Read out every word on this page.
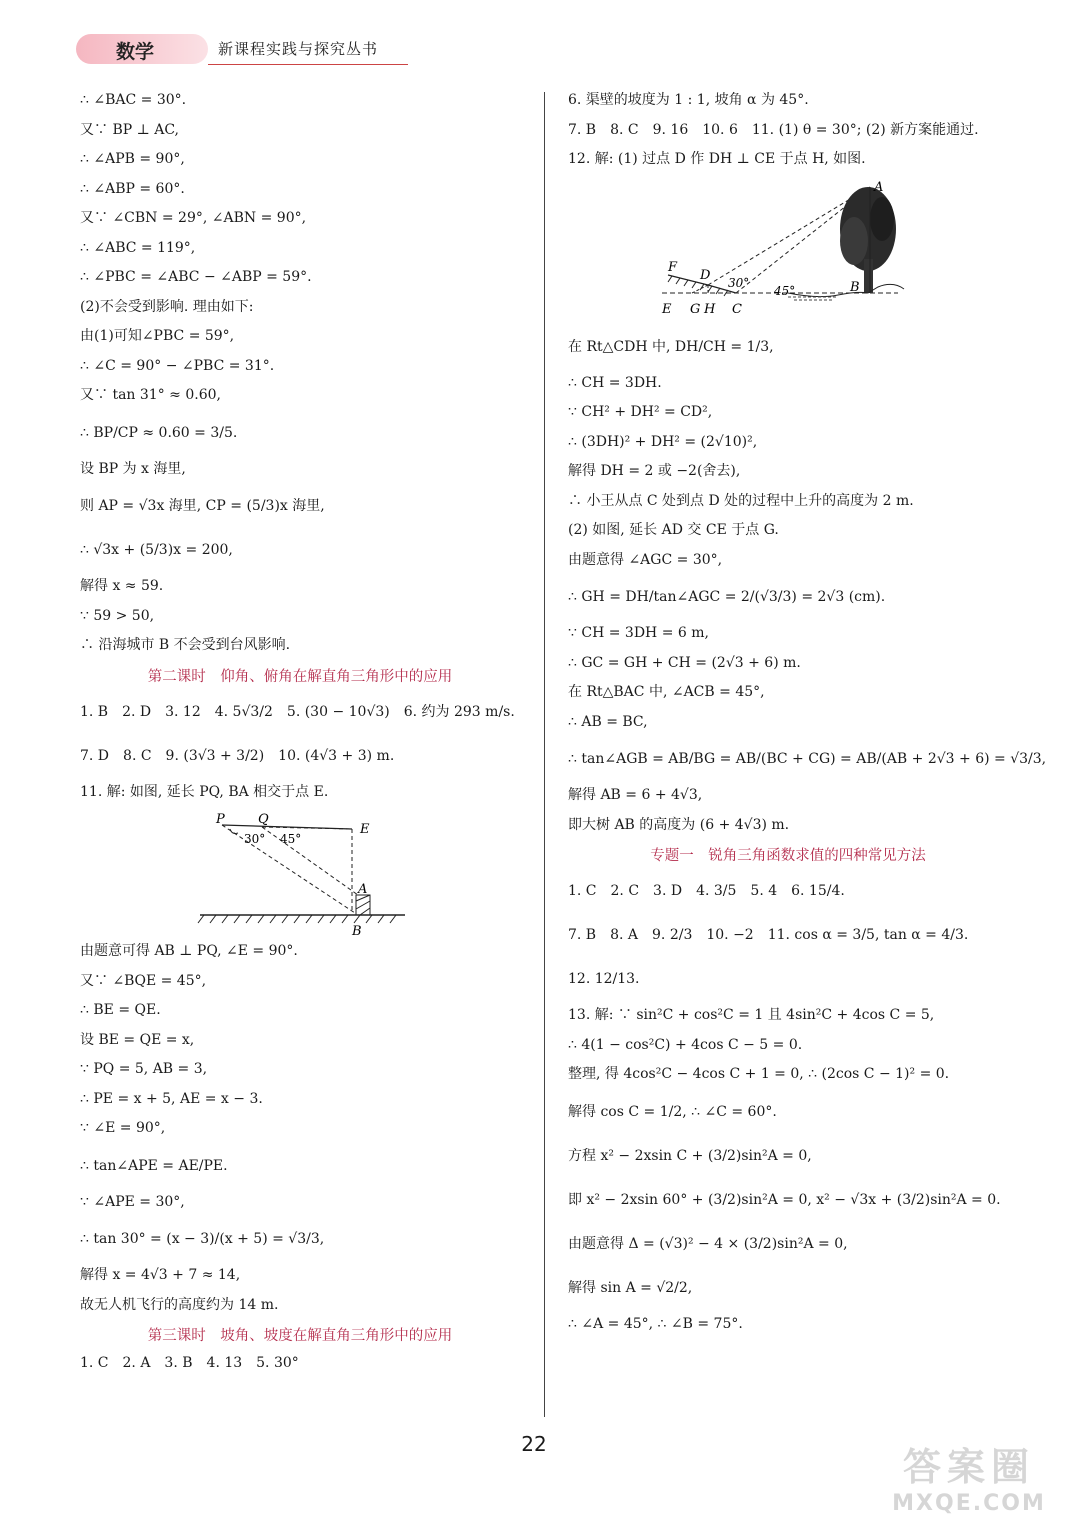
数学	新课程实践与探究丛书
∴ ∠BAC = 30°.
又∵ BP ⊥ AC,
∴ ∠APB = 90°,
∴ ∠ABP = 60°.
又∵ ∠CBN = 29°, ∠ABN = 90°,
∴ ∠ABC = 119°,
∴ ∠PBC = ∠ABC − ∠ABP = 59°.
(2)不会受到影响. 理由如下:
由(1)可知∠PBC = 59°,
∴ ∠C = 90° − ∠PBC = 31°.
又∵ tan 31° ≈ 0.60,
∴ BP/CP ≈ 0.60 = 3/5.
设 BP 为 x 海里,
则 AP = √3x 海里, CP = (5/3)x 海里,
∴ √3x + (5/3)x = 200,
解得 x ≈ 59.
∵ 59 > 50,
∴ 沿海城市 B 不会受到台风影响.
第二课时　仰角、俯角在解直角三角形中的应用
1. B　2. D　3. 12　4. 5√3/2　5. (30 − 10√3)　6. 约为 293 m/s.
7. D　8. C　9. (3√3 + 3/2)　10. (4√3 + 3) m.
11. 解: 如图, 延长 PQ, BA 相交于点 E.
P	Q
E
A
B
30° 45°
由题意可得 AB ⊥ PQ, ∠E = 90°.
又∵ ∠BQE = 45°,
∴ BE = QE.
设 BE = QE = x,
∵ PQ = 5, AB = 3,
∴ PE = x + 5, AE = x − 3.
∵ ∠E = 90°,
∴ tan∠APE = AE/PE.
∵ ∠APE = 30°,
∴ tan 30° = (x − 3)/(x + 5) = √3/3,
解得 x = 4√3 + 7 ≈ 14,
故无人机飞行的高度约为 14 m.
第三课时　坡角、坡度在解直角三角形中的应用
1. C　2. A　3. B　4. 13　5. 30°
6. 渠壁的坡度为 1 : 1, 坡角 α 为 45°.
7. B　8. C　9. 16　10. 6　11. (1) θ = 30°; (2) 新方案能通过.
12. 解: (1) 过点 D 作 DH ⊥ CE 于点 H, 如图.
A
B
C
D
E
F
G H
30°
45°
在 Rt△CDH 中, DH/CH = 1/3,
∴ CH = 3DH.
∵ CH² + DH² = CD²,
∴ (3DH)² + DH² = (2√10)²,
解得 DH = 2 或 −2(舍去),
∴ 小王从点 C 处到点 D 处的过程中上升的高度为 2 m.
(2) 如图, 延长 AD 交 CE 于点 G.
由题意得 ∠AGC = 30°,
∴ GH = DH/tan∠AGC = 2/(√3/3) = 2√3 (cm).
∵ CH = 3DH = 6 m,
∴ GC = GH + CH = (2√3 + 6) m.
在 Rt△BAC 中, ∠ACB = 45°,
∴ AB = BC,
∴ tan∠AGB = AB/BG = AB/(BC + CG) = AB/(AB + 2√3 + 6) = √3/3,
解得 AB = 6 + 4√3,
即大树 AB 的高度为 (6 + 4√3) m.
专题一　锐角三角函数求值的四种常见方法
1. C　2. C　3. D　4. 3/5　5. 4　6. 15/4.
7. B　8. A　9. 2/3　10. −2　11. cos α = 3/5, tan α = 4/3.
12. 12/13.
13. 解: ∵ sin²C + cos²C = 1 且 4sin²C + 4cos C = 5,
∴ 4(1 − cos²C) + 4cos C − 5 = 0.
整理, 得 4cos²C − 4cos C + 1 = 0, ∴ (2cos C − 1)² = 0.
解得 cos C = 1/2, ∴ ∠C = 60°.
方程 x² − 2xsin C + (3/2)sin²A = 0,
即 x² − 2xsin 60° + (3/2)sin²A = 0, x² − √3x + (3/2)sin²A = 0.
由题意得 Δ = (√3)² − 4 × (3/2)sin²A = 0,
解得 sin A = √2/2,
∴ ∠A = 45°, ∴ ∠B = 75°.
22
答案圈
MXQE.COM
